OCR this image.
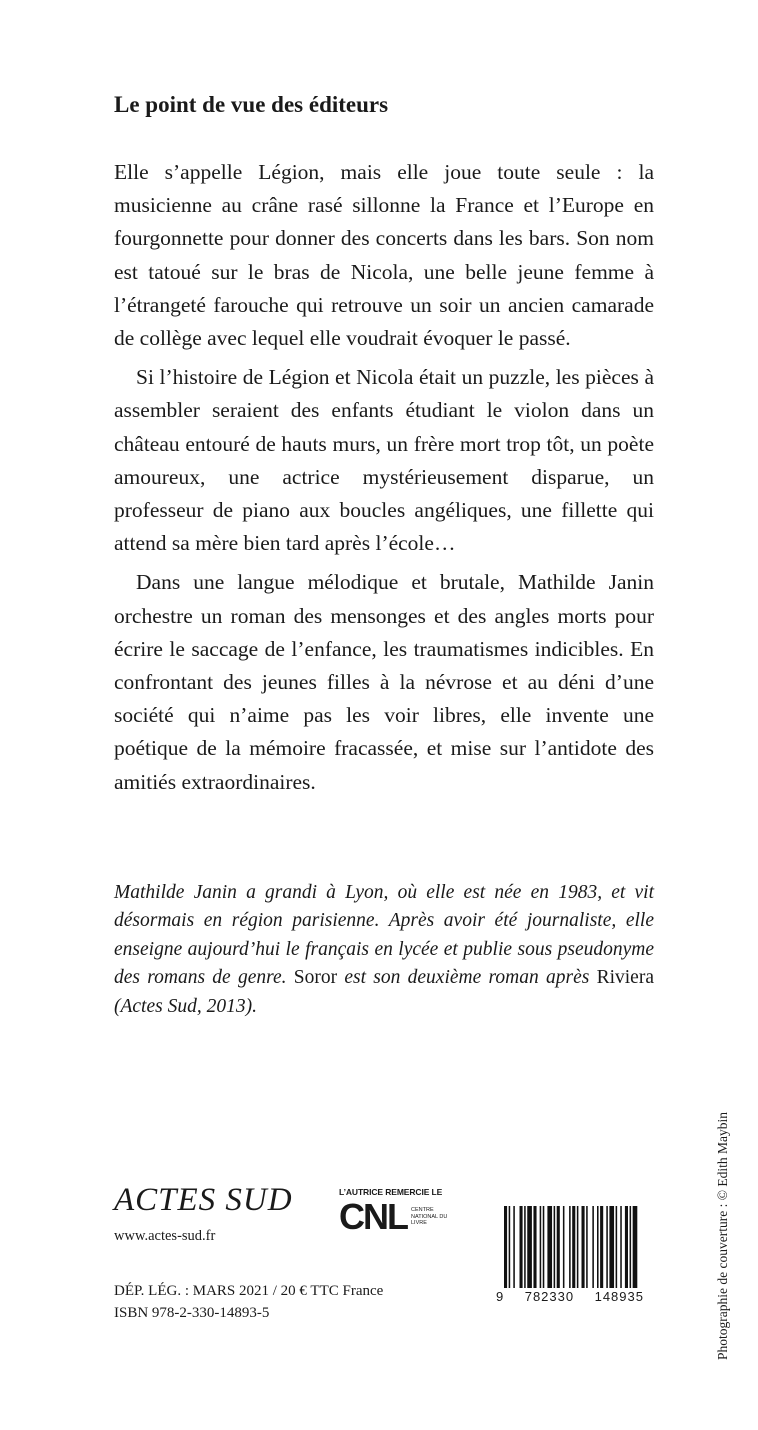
Le point de vue des éditeurs

Elle s’appelle Légion, mais elle joue toute seule : la musicienne au crâne rasé sillonne la France et l’Europe en fourgonnette pour donner des concerts dans les bars. Son nom est tatoué sur le bras de Nicola, une belle jeune femme à l’étrangeté farouche qui retrouve un soir un ancien camarade de collège avec lequel elle voudrait évoquer le passé.

Si l’histoire de Légion et Nicola était un puzzle, les pièces à assembler seraient des enfants étudiant le violon dans un château entouré de hauts murs, un frère mort trop tôt, un poète amoureux, une actrice mystérieusement disparue, un professeur de piano aux boucles angéliques, une fillette qui attend sa mère bien tard après l’école…

Dans une langue mélodique et brutale, Mathilde Janin orchestre un roman des mensonges et des angles morts pour écrire le saccage de l’enfance, les traumatismes indicibles. En confrontant des jeunes filles à la névrose et au déni d’une société qui n’aime pas les voir libres, elle invente une poétique de la mémoire fracassée, et mise sur l’antidote des amitiés extraordinaires.

Mathilde Janin a grandi à Lyon, où elle est née en 1983, et vit désormais en région parisienne. Après avoir été journaliste, elle enseigne aujourd’hui le français en lycée et publie sous pseudonyme des romans de genre. Soror est son deuxième roman après Riviera (Actes Sud, 2013).

Photographie de couverture : © Edith Maybin
ACTES SUD
www.actes-sud.fr
DÉP. LÉG. : MARS 2021 / 20 € TTC France
ISBN 978-2-330-14893-5
L’AUTRICE REMERCIE LE
CNL CENTRE NATIONAL DU LIVRE
9 782330 148935
